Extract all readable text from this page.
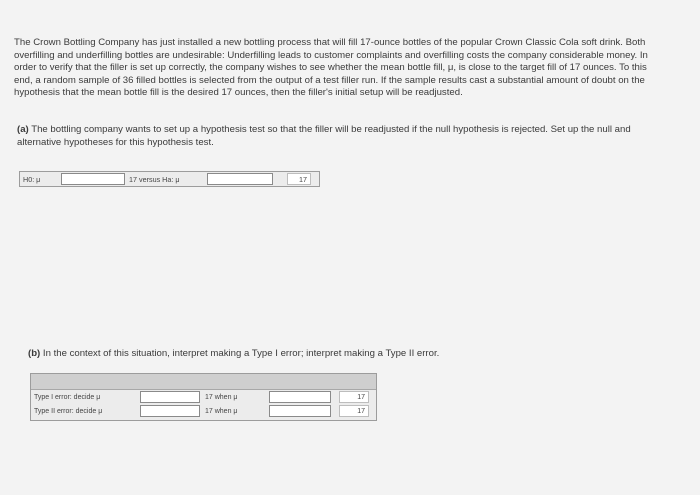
The Crown Bottling Company has just installed a new bottling process that will fill 17-ounce bottles of the popular Crown Classic Cola soft drink. Both overfilling and underfilling bottles are undesirable: Underfilling leads to customer complaints and overfilling costs the company considerable money. In order to verify that the filler is set up correctly, the company wishes to see whether the mean bottle fill, μ, is close to the target fill of 17 ounces. To this end, a random sample of 36 filled bottles is selected from the output of a test filler run. If the sample results cast a substantial amount of doubt on the hypothesis that the mean bottle fill is the desired 17 ounces, then the filler's initial setup will be readjusted.
(a) The bottling company wants to set up a hypothesis test so that the filler will be readjusted if the null hypothesis is rejected. Set up the null and alternative hypotheses for this hypothesis test.
H0: μ	17 versus Ha: μ	17
(b) In the context of this situation, interpret making a Type I error; interpret making a Type II error.
Type I error: decide μ	17 when μ	17
Type II error: decide μ	17 when μ	17
